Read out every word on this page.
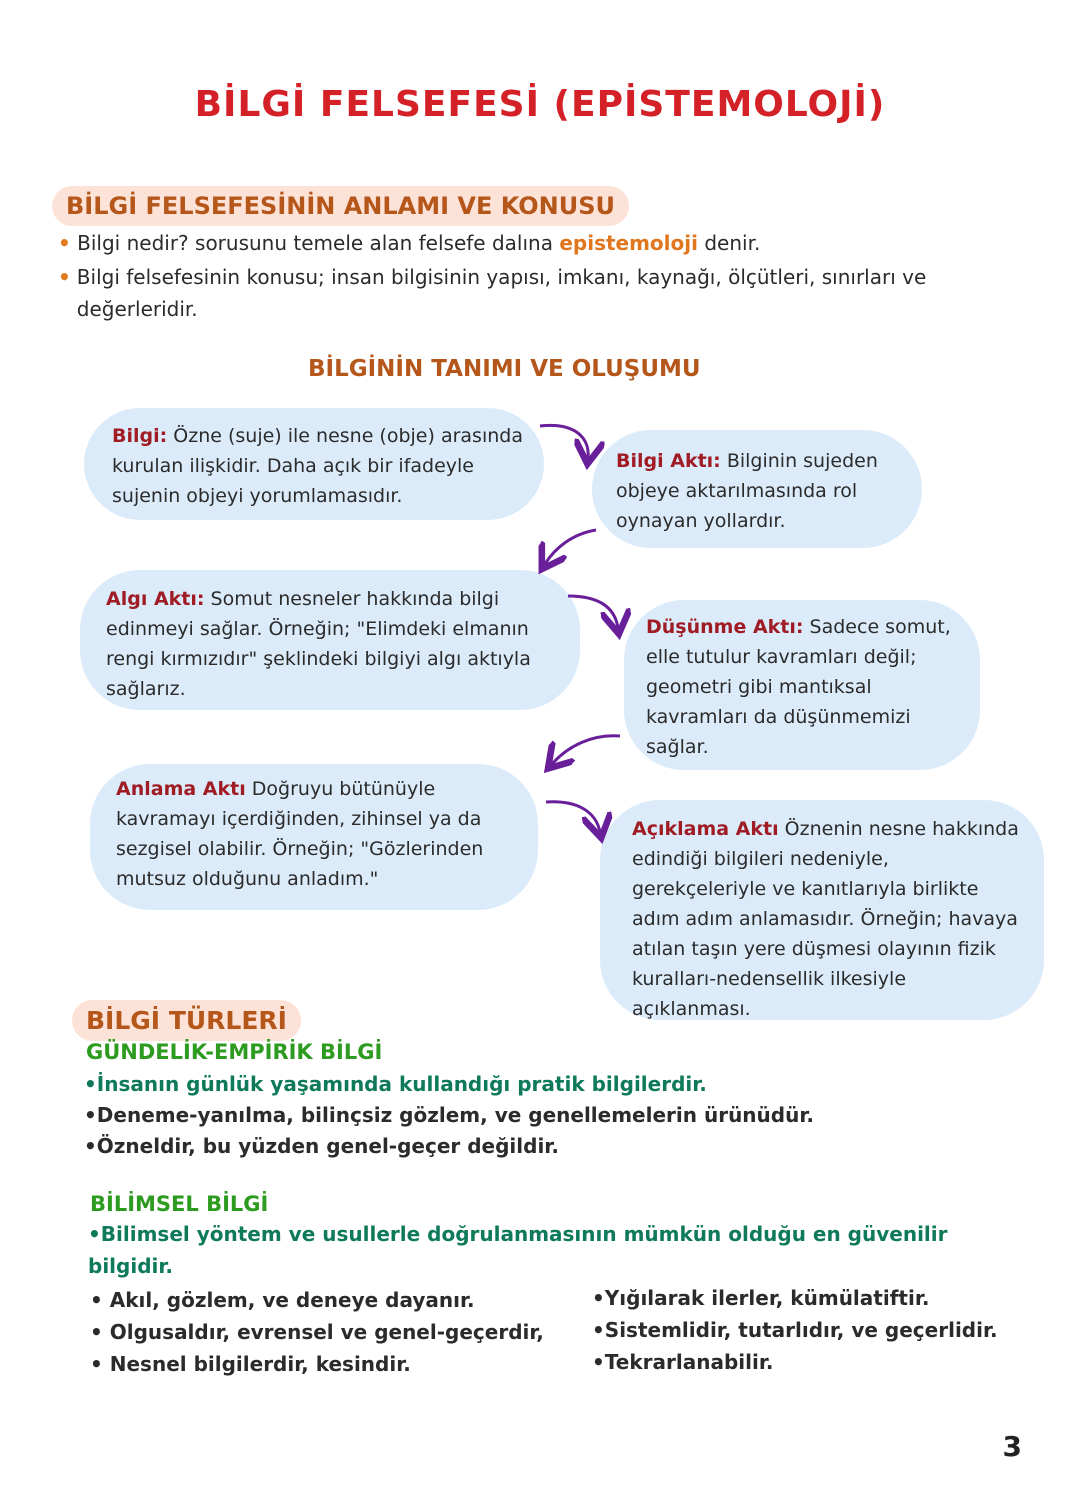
BİLGİ FELSEFESİ (EPİSTEMOLOJİ)
BİLGİ FELSEFESİNİN ANLAMI VE KONUSU
• Bilgi nedir? sorusunu temele alan felsefe dalına epistemoloji denir.
• Bilgi felsefesinin konusu; insan bilgisinin yapısı, imkanı, kaynağı, ölçütleri, sınırları ve değerleridir.
BİLGİNİN TANIMI VE OLUŞUMU
Bilgi: Özne (suje) ile nesne (obje) arasında kurulan ilişkidir. Daha açık bir ifadeyle sujenin objeyi yorumlamasıdır.
Bilgi Aktı: Bilginin sujeden objeye aktarılmasında rol oynayan yollardır.
Algı Aktı: Somut nesneler hakkında bilgi edinmeyi sağlar. Örneğin; "Elimdeki elmanın rengi kırmızıdır" şeklindeki bilgiyi algı aktıyla sağlarız.
Düşünme Aktı: Sadece somut, elle tutulur kavramları değil; geometri gibi mantıksal kavramları da düşünmemizi sağlar.
Anlama Aktı Doğruyu bütünüyle kavramayı içerdiğinden, zihinsel ya da sezgisel olabilir. Örneğin; "Gözlerinden mutsuz olduğunu anladım."
Açıklama Aktı Öznenin nesne hakkında edindiği bilgileri nedeniyle, gerekçeleriyle ve kanıtlarıyla birlikte adım adım anlamasıdır. Örneğin; havaya atılan taşın yere düşmesi olayının fizik kuralları-nedensellik ilkesiyle açıklanması.
BİLGİ TÜRLERİ
GÜNDELİK-EMPİRİK BİLGİ
•İnsanın günlük yaşamında kullandığı pratik bilgilerdir.
•Deneme-yanılma, bilinçsiz gözlem, ve genellemelerin ürünüdür.
•Özneldir, bu yüzden genel-geçer değildir.
BİLİMSEL BİLGİ
•Bilimsel yöntem ve usullerle doğrulanmasının mümkün olduğu en güvenilir bilgidir.
• Akıl, gözlem, ve deneye dayanır.
• Olgusaldır, evrensel ve genel-geçerdir,
• Nesnel bilgilerdir, kesindir.
•Yığılarak ilerler, kümülatiftir.
•Sistemlidir, tutarlıdır, ve geçerlidir.
•Tekrarlanabilir.
3
